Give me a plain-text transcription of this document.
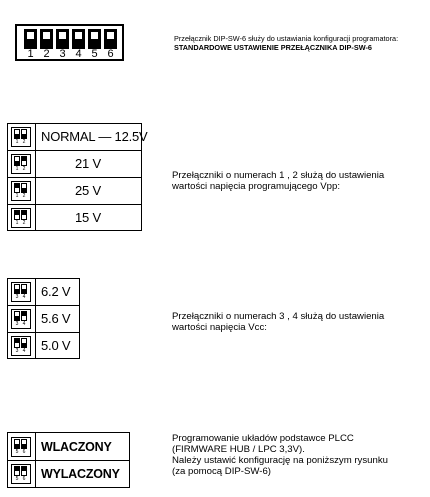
1 2 3 4 5 6
Przełącznik DIP-SW-6 służy do ustawiania konfiguracji programatora:
STANDARDOWE USTAWIENIE PRZEŁĄCZNIKA DIP-SW-6
1 2 NORMAL — 12.5V
1 2	21 V
1 2	25 V
1 2	15 V
Przełączniki o numerach 1 , 2 służą do ustawienia
wartości napięcia programującego Vpp:
3 4 6.2 V
3 4 5.6 V
3 4 5.0 V
Przełączniki o numerach 3 , 4 służą do ustawienia
wartości napięcia Vcc:
5 6 WLACZONY
5 6 WYLACZONY
Programowanie układów podstawce PLCC
(FIRMWARE HUB / LPC 3,3V).
Należy ustawić konfigurację na poniższym rysunku
(za pomocą DIP-SW-6)
